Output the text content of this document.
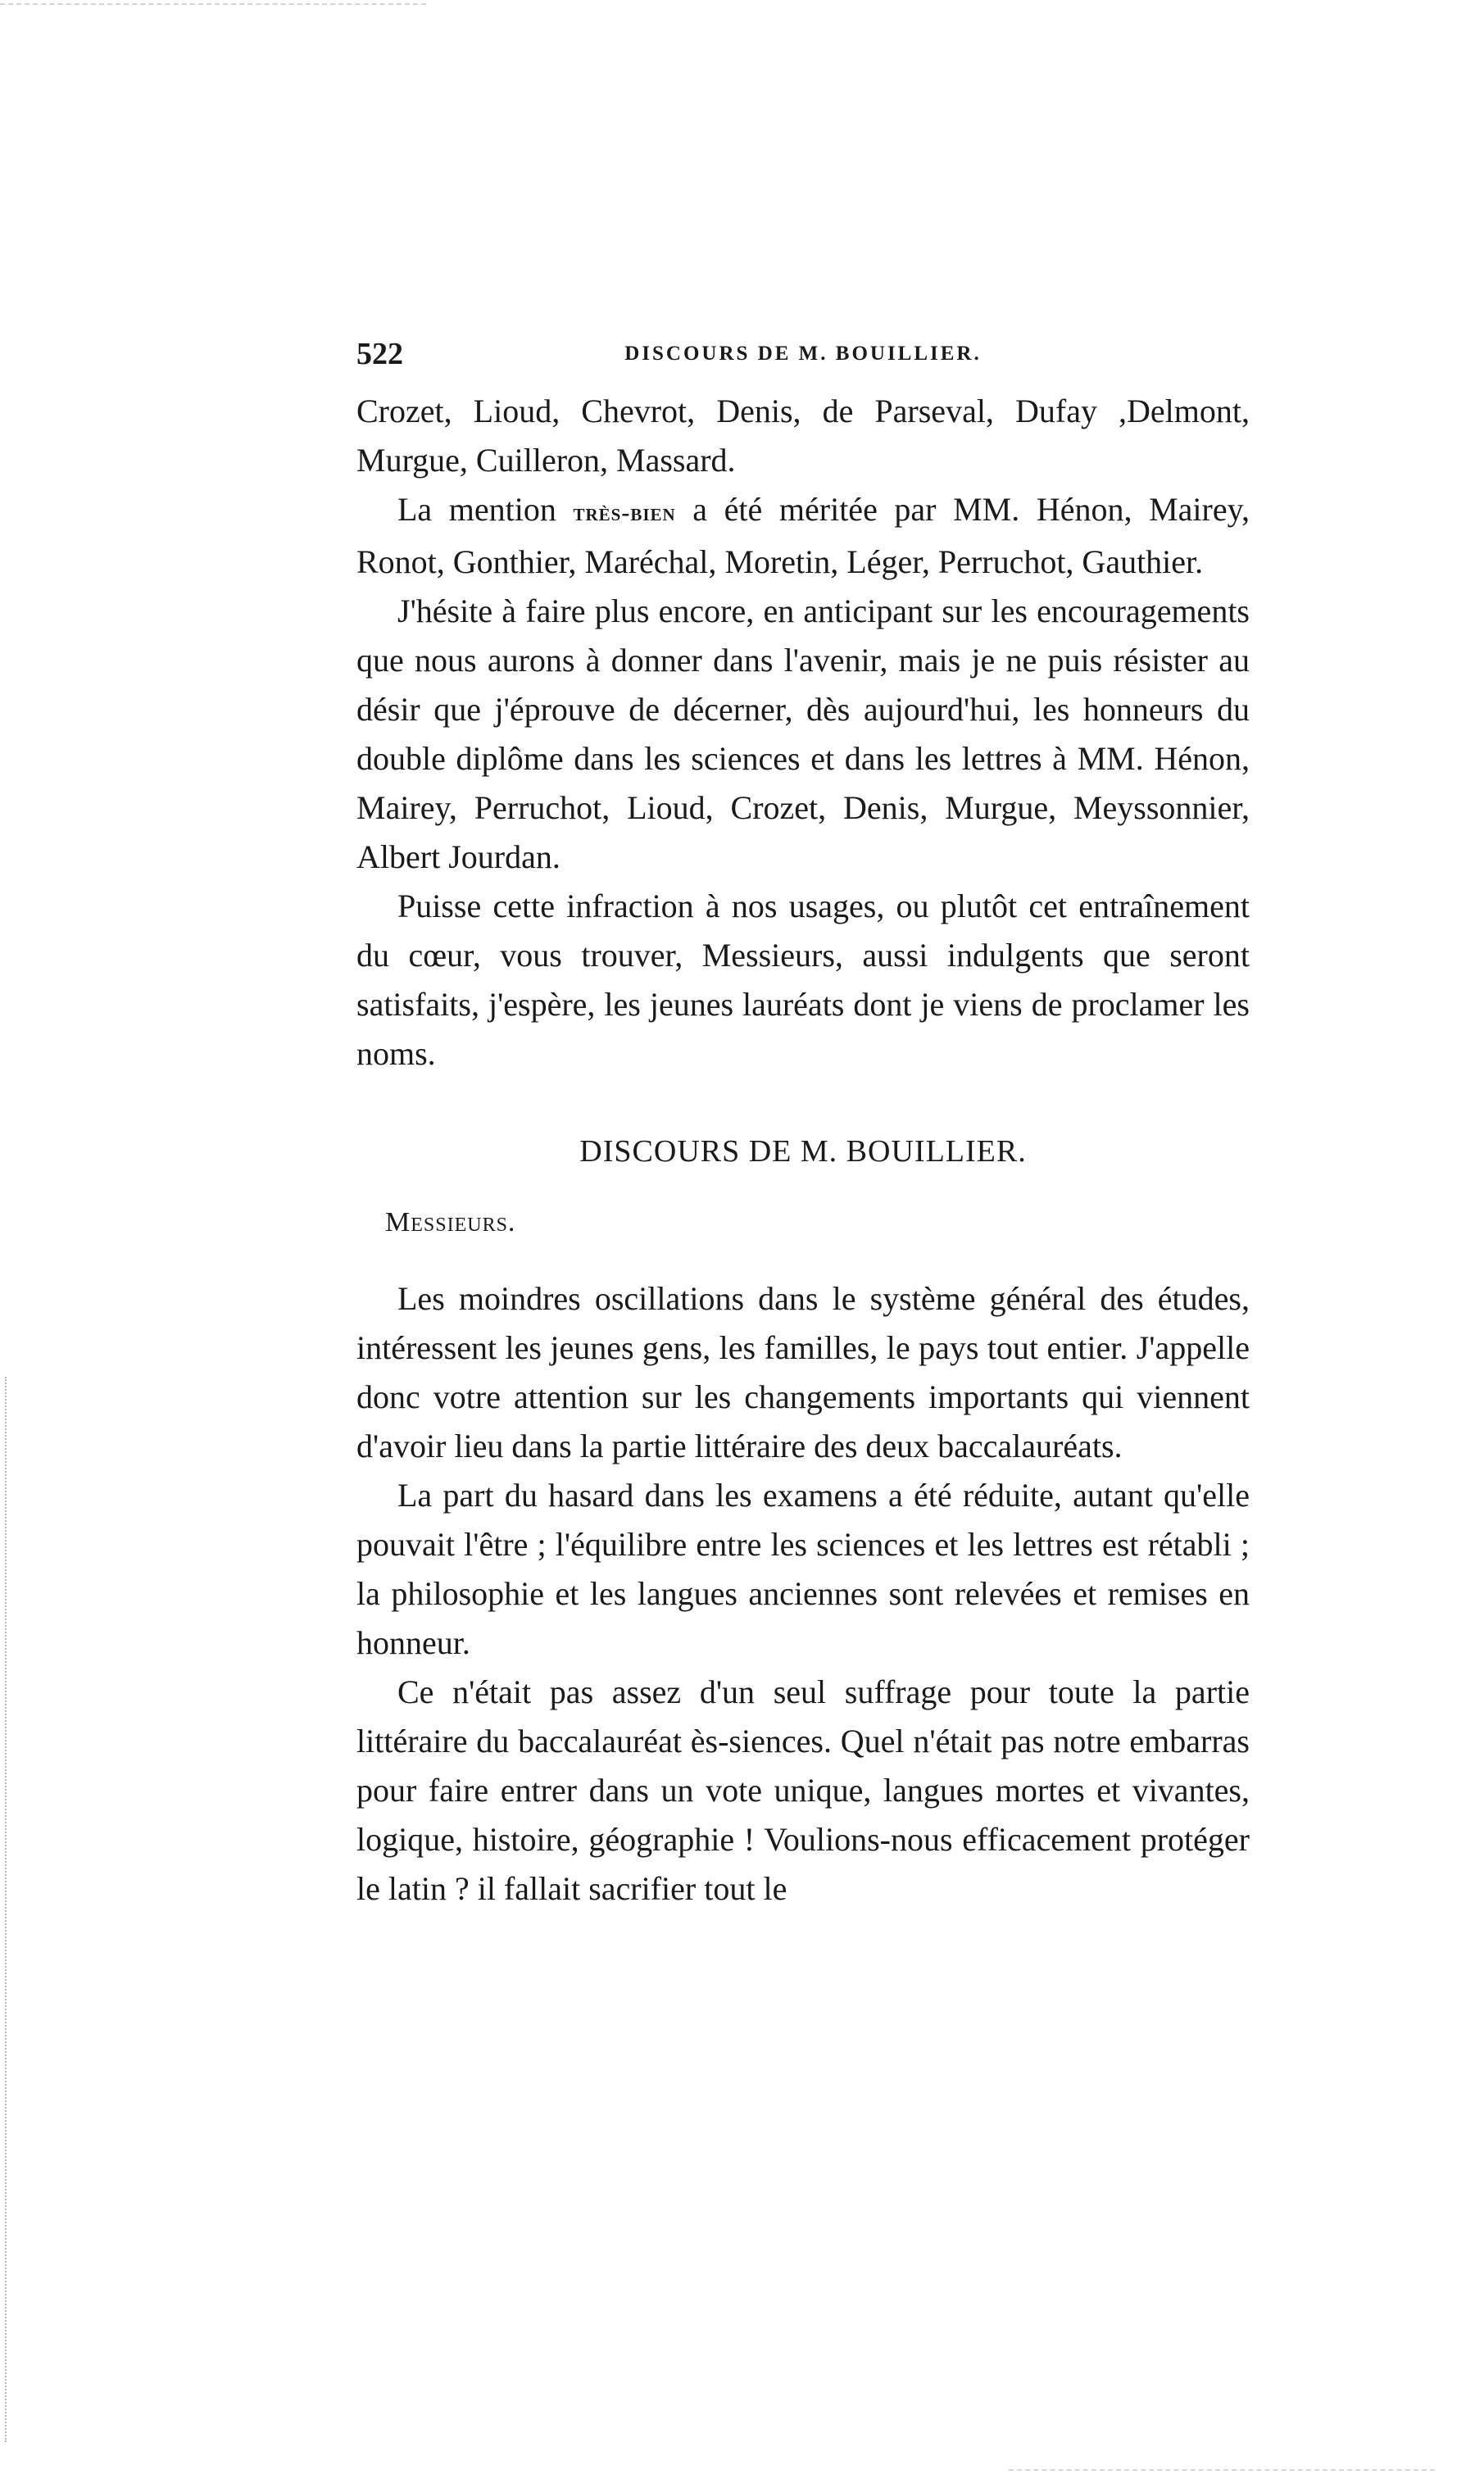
522	DISCOURS DE M. BOUILLIER.

Crozet, Lioud, Chevrot, Denis, de Parseval, Dufay ,Delmont, Murgue, Cuilleron, Massard.

La mention très-bien a été méritée par MM. Hénon, Mairey, Ronot, Gonthier, Maréchal, Moretin, Léger, Perruchot, Gauthier.

J'hésite à faire plus encore, en anticipant sur les encouragements que nous aurons à donner dans l'avenir, mais je ne puis résister au désir que j'éprouve de décerner, dès aujourd'hui, les honneurs du double diplôme dans les sciences et dans les lettres à MM. Hénon, Mairey, Perruchot, Lioud, Crozet, Denis, Murgue, Meyssonnier, Albert Jourdan.

Puisse cette infraction à nos usages, ou plutôt cet entraînement du cœur, vous trouver, Messieurs, aussi indulgents que seront satisfaits, j'espère, les jeunes lauréats dont je viens de proclamer les noms.

DISCOURS DE M. BOUILLIER.
Messieurs.

Les moindres oscillations dans le système général des études, intéressent les jeunes gens, les familles, le pays tout entier. J'appelle donc votre attention sur les changements importants qui viennent d'avoir lieu dans la partie littéraire des deux baccalauréats.

La part du hasard dans les examens a été réduite, autant qu'elle pouvait l'être ; l'équilibre entre les sciences et les lettres est rétabli ; la philosophie et les langues anciennes sont relevées et remises en honneur.

Ce n'était pas assez d'un seul suffrage pour toute la partie littéraire du baccalauréat ès-siences. Quel n'était pas notre embarras pour faire entrer dans un vote unique, langues mortes et vivantes, logique, histoire, géographie ! Voulions-nous efficacement protéger le latin ? il fallait sacrifier tout le
